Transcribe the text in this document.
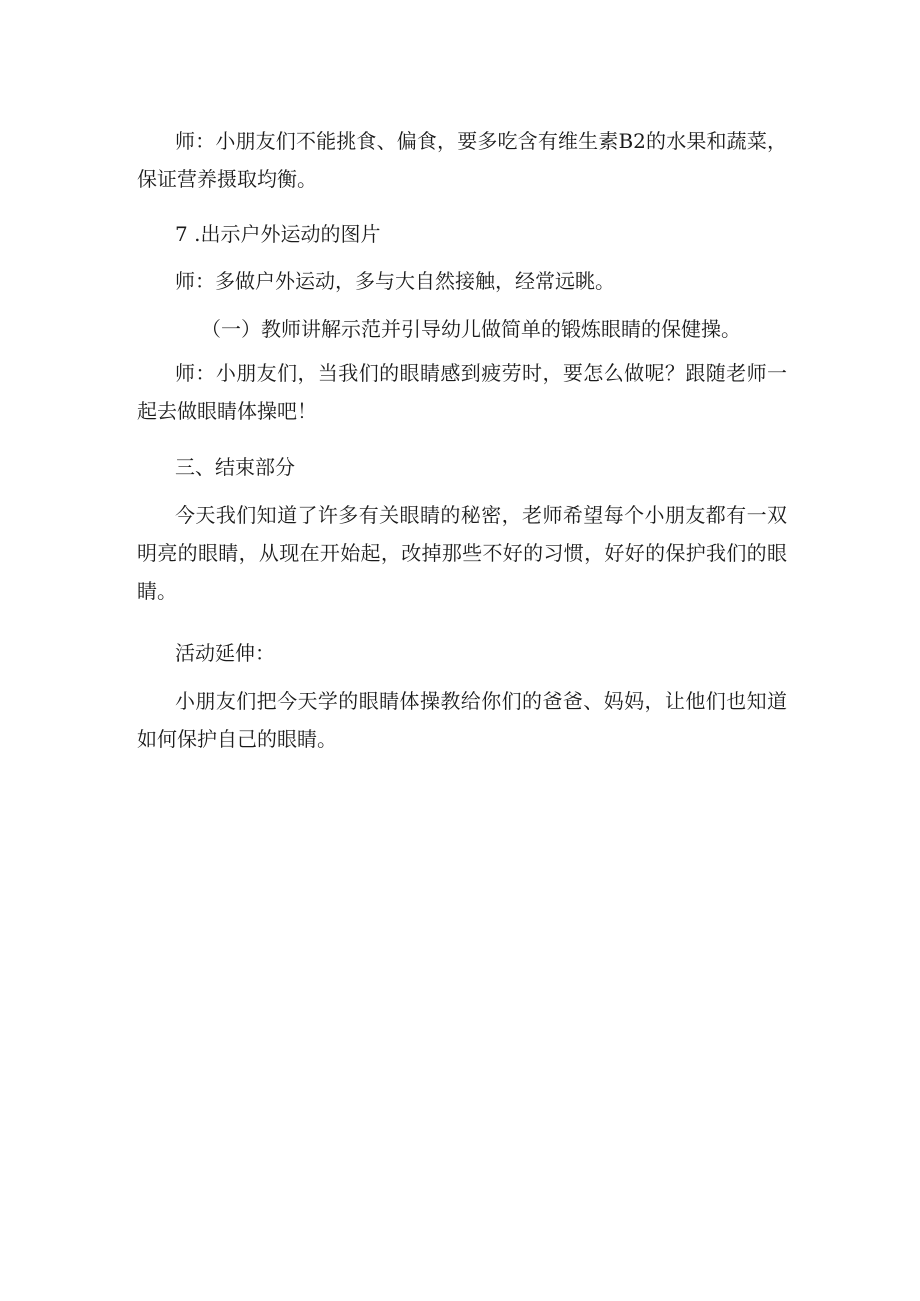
师：小朋友们不能挑食、偏食，要多吃含有维生素B2的水果和蔬菜，保证营养摄取均衡。

7 .出示户外运动的图片

师：多做户外运动，多与大自然接触，经常远眺。

（一）教师讲解示范并引导幼儿做简单的锻炼眼睛的保健操。

师：小朋友们，当我们的眼睛感到疲劳时，要怎么做呢？跟随老师一起去做眼睛体操吧！

三、结束部分

今天我们知道了许多有关眼睛的秘密，老师希望每个小朋友都有一双明亮的眼睛，从现在开始起，改掉那些不好的习惯，好好的保护我们的眼睛。

活动延伸：

小朋友们把今天学的眼睛体操教给你们的爸爸、妈妈，让他们也知道如何保护自己的眼睛。
